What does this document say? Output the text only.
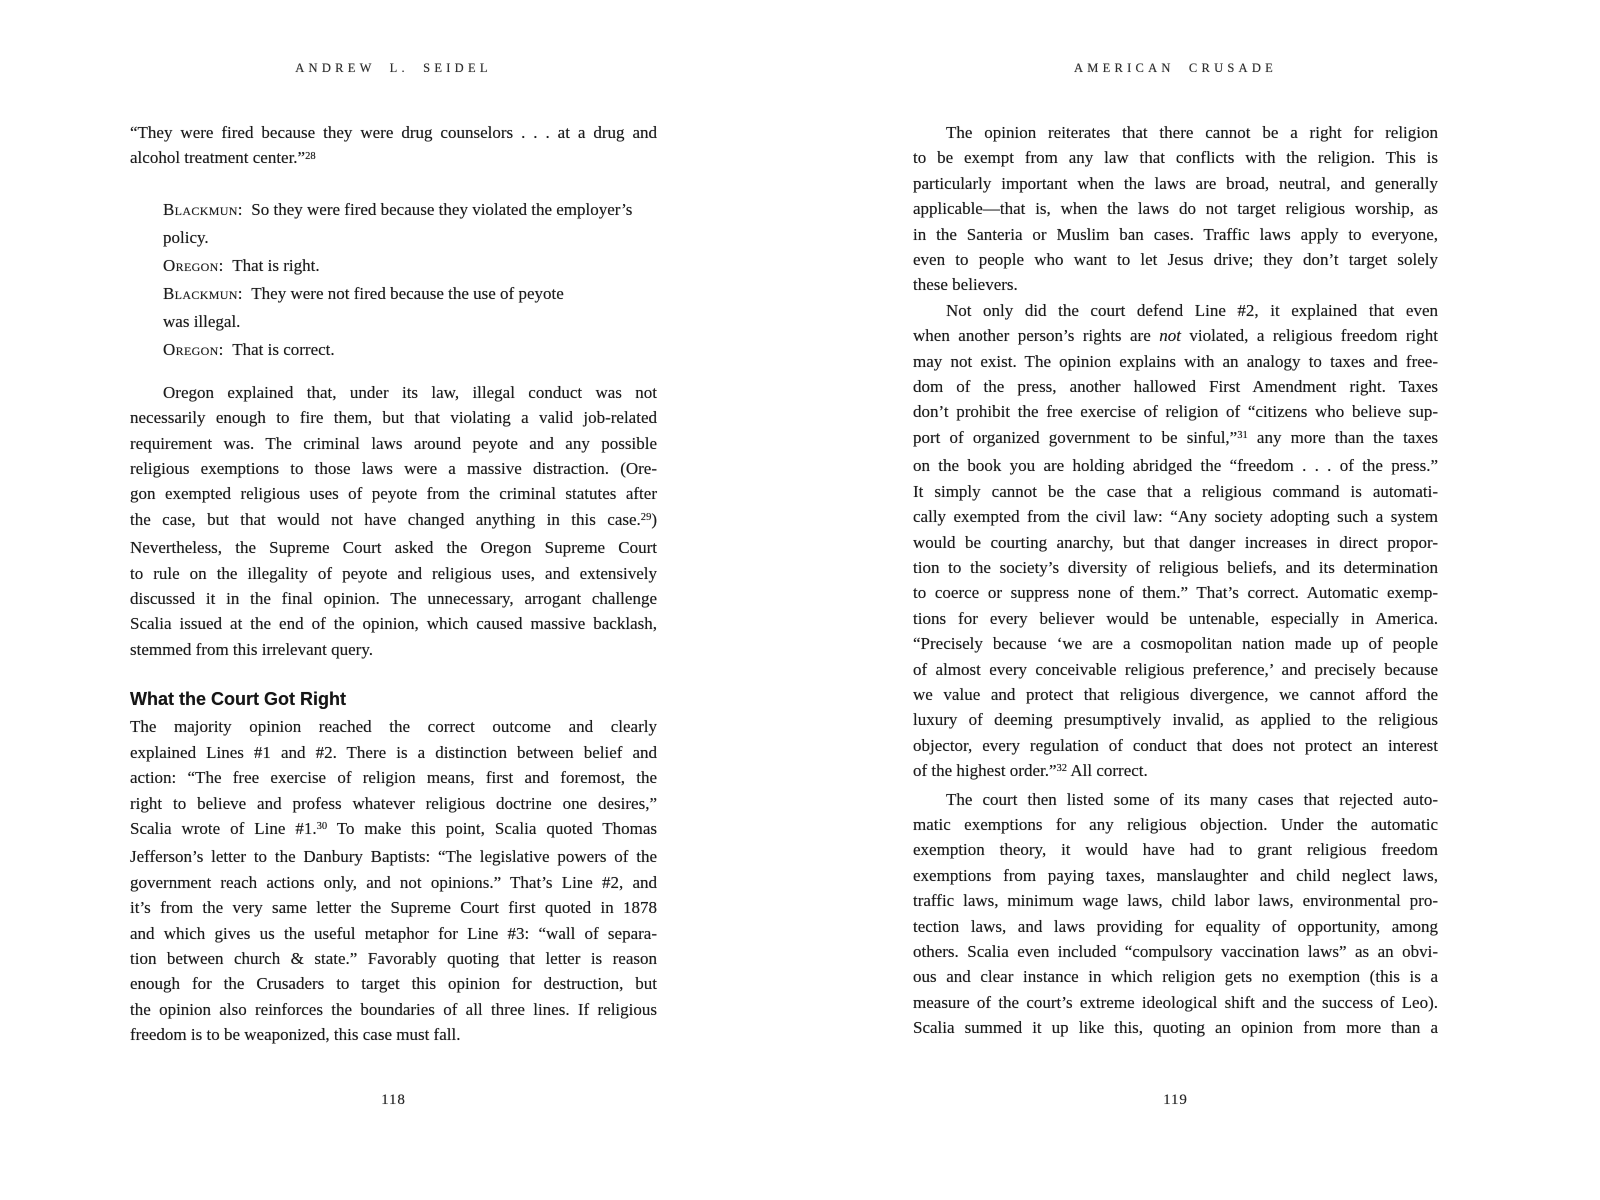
ANDREW L. SEIDEL
“They were fired because they were drug counselors . . . at a drug and
alcohol treatment center.”$^{28}$
Blackmun: So they were fired because they violated the employer’s
policy.
Oregon: That is right.
Blackmun: They were not fired because the use of peyote
was illegal.
Oregon: That is correct.
Oregon explained that, under its law, illegal conduct was not
necessarily enough to fire them, but that violating a valid job-related
requirement was. The criminal laws around peyote and any possible
religious exemptions to those laws were a massive distraction. (Ore-
gon exempted religious uses of peyote from the criminal statutes after
the case, but that would not have changed anything in this case.$^{29}$)
Nevertheless, the Supreme Court asked the Oregon Supreme Court
to rule on the illegality of peyote and religious uses, and extensively
discussed it in the final opinion. The unnecessary, arrogant challenge
Scalia issued at the end of the opinion, which caused massive backlash,
stemmed from this irrelevant query.
What the Court Got Right
The majority opinion reached the correct outcome and clearly
explained Lines #1 and #2. There is a distinction between belief and
action: “The free exercise of religion means, first and foremost, the
right to believe and profess whatever religious doctrine one desires,”
Scalia wrote of Line #1.30 To make this point, Scalia quoted Thomas
Jefferson’s letter to the Danbury Baptists: “The legislative powers of the
government reach actions only, and not opinions.” That’s Line #2, and
it’s from the very same letter the Supreme Court first quoted in 1878
and which gives us the useful metaphor for Line #3: “wall of separa-
tion between church & state.” Favorably quoting that letter is reason
enough for the Crusaders to target this opinion for destruction, but
the opinion also reinforces the boundaries of all three lines. If religious
freedom is to be weaponized, this case must fall.
118
AMERICAN CRUSADE
The opinion reiterates that there cannot be a right for religion
to be exempt from any law that conflicts with the religion. This is
particularly important when the laws are broad, neutral, and generally
applicable—that is, when the laws do not target religious worship, as
in the Santeria or Muslim ban cases. Traffic laws apply to everyone,
even to people who want to let Jesus drive; they don’t target solely
these believers.
Not only did the court defend Line #2, it explained that even
when another person’s rights are not violated, a religious freedom right
may not exist. The opinion explains with an analogy to taxes and free-
dom of the press, another hallowed First Amendment right. Taxes
don’t prohibit the free exercise of religion of “citizens who believe sup-
port of organized government to be sinful,”$^{31}$ any more than the taxes
on the book you are holding abridged the “freedom . . . of the press.”
It simply cannot be the case that a religious command is automati-
cally exempted from the civil law: “Any society adopting such a system
would be courting anarchy, but that danger increases in direct propor-
tion to the society’s diversity of religious beliefs, and its determination
to coerce or suppress none of them.” That’s correct. Automatic exemp-
tions for every believer would be untenable, especially in America.
“Precisely because ‘we are a cosmopolitan nation made up of people
of almost every conceivable religious preference,’ and precisely because
we value and protect that religious divergence, we cannot afford the
luxury of deeming presumptively invalid, as applied to the religious
objector, every regulation of conduct that does not protect an interest
of the highest order.”$^{32}$ All correct.
The court then listed some of its many cases that rejected auto-
matic exemptions for any religious objection. Under the automatic
exemption theory, it would have had to grant religious freedom
exemptions from paying taxes, manslaughter and child neglect laws,
traffic laws, minimum wage laws, child labor laws, environmental pro-
tection laws, and laws providing for equality of opportunity, among
others. Scalia even included “compulsory vaccination laws” as an obvi-
ous and clear instance in which religion gets no exemption (this is a
measure of the court’s extreme ideological shift and the success of Leo).
Scalia summed it up like this, quoting an opinion from more than a
119
